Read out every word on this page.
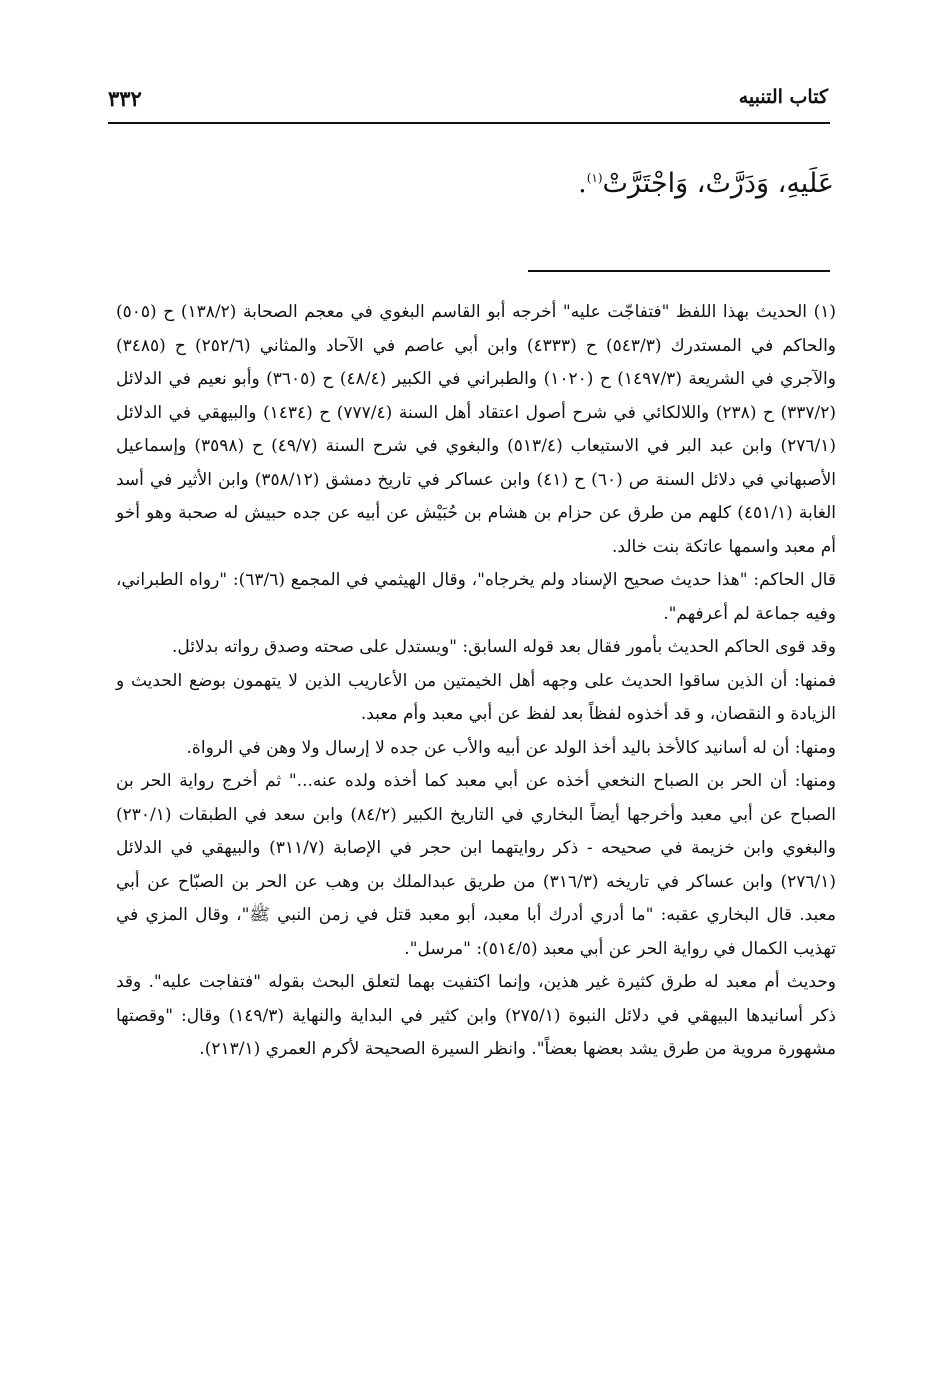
كتاب التنبيه
٣٣٢
عَلَيهِ، وَدَرَّتْ، وَاجْتَرَّتْ$^{(١)}$.

(١) الحديث بهذا اللفظ "فتفاجّت عليه" أخرجه أبو القاسم البغوي في معجم الصحابة (١٣٨/٢) ح (٥٠٥) والحاكم في المستدرك (٥٤٣/٣) ح (٤٣٣٣) وابن أبي عاصم في الآحاد والمثاني (٢٥٢/٦) ح (٣٤٨٥) والآجري في الشريعة (١٤٩٧/٣) ح (١٠٢٠) والطبراني في الكبير (٤٨/٤) ح (٣٦٠٥) وأبو نعيم في الدلائل (٣٣٧/٢) ح (٢٣٨) واللالكائي في شرح أصول اعتقاد أهل السنة (٧٧٧/٤) ح (١٤٣٤) والبيهقي في الدلائل (٢٧٦/١) وابن عبد البر في الاستيعاب (٥١٣/٤) والبغوي في شرح السنة (٤٩/٧) ح (٣٥٩٨) وإسماعيل الأصبهاني في دلائل السنة ص (٦٠) ح (٤١) وابن عساكر في تاريخ دمشق (٣٥٨/١٢) وابن الأثير في أسد الغابة (٤٥١/١) كلهم من طرق عن حزام بن هشام بن حُبَيْش عن أبيه عن جده حبيش له صحبة وهو أخو أم معبد واسمها عاتكة بنت خالد.

قال الحاكم: "هذا حديث صحيح الإسناد ولم يخرجاه"، وقال الهيثمي في المجمع (٦٣/٦): "رواه الطبراني، وفيه جماعة لم أعرفهم".

وقد قوى الحاكم الحديث بأمور فقال بعد قوله السابق: "ويستدل على صحته وصدق رواته بدلائل.

فمنها: أن الذين ساقوا الحديث على وجهه أهل الخيمتين من الأعاريب الذين لا يتهمون بوضع الحديث و الزيادة و النقصان، و قد أخذوه لفظاً بعد لفظ عن أبي معبد وأم معبد.

ومنها: أن له أسانيد كالأخذ باليد أخذ الولد عن أبيه والأب عن جده لا إرسال ولا وهن في الرواة.

ومنها: أن الحر بن الصباح النخعي أخذه عن أبي معبد كما أخذه ولده عنه..." ثم أخرج رواية الحر بن الصباح عن أبي معبد وأخرجها أيضاً البخاري في التاريخ الكبير (٨٤/٢) وابن سعد في الطبقات (٢٣٠/١) والبغوي وابن خزيمة في صحيحه - ذكر روايتهما ابن حجر في الإصابة (٣١١/٧) والبيهقي في الدلائل (٢٧٦/١) وابن عساكر في تاريخه (٣١٦/٣) من طريق عبدالملك بن وهب عن الحر بن الصبّاح عن أبي معبد. قال البخاري عقبه: "ما أدري أدرك أبا معبد، أبو معبد قتل في زمن النبي ﷺ"، وقال المزي في تهذيب الكمال في رواية الحر عن أبي معبد (٥١٤/٥): "مرسل".

وحديث أم معبد له طرق كثيرة غير هذين، وإنما اكتفيت بهما لتعلق البحث بقوله "فتفاجت عليه". وقد ذكر أسانيدها البيهقي في دلائل النبوة (٢٧٥/١) وابن كثير في البداية والنهاية (١٤٩/٣) وقال: "وقصتها مشهورة مروية من طرق يشد بعضها بعضاً". وانظر السيرة الصحيحة لأكرم العمري (٢١٣/١).
